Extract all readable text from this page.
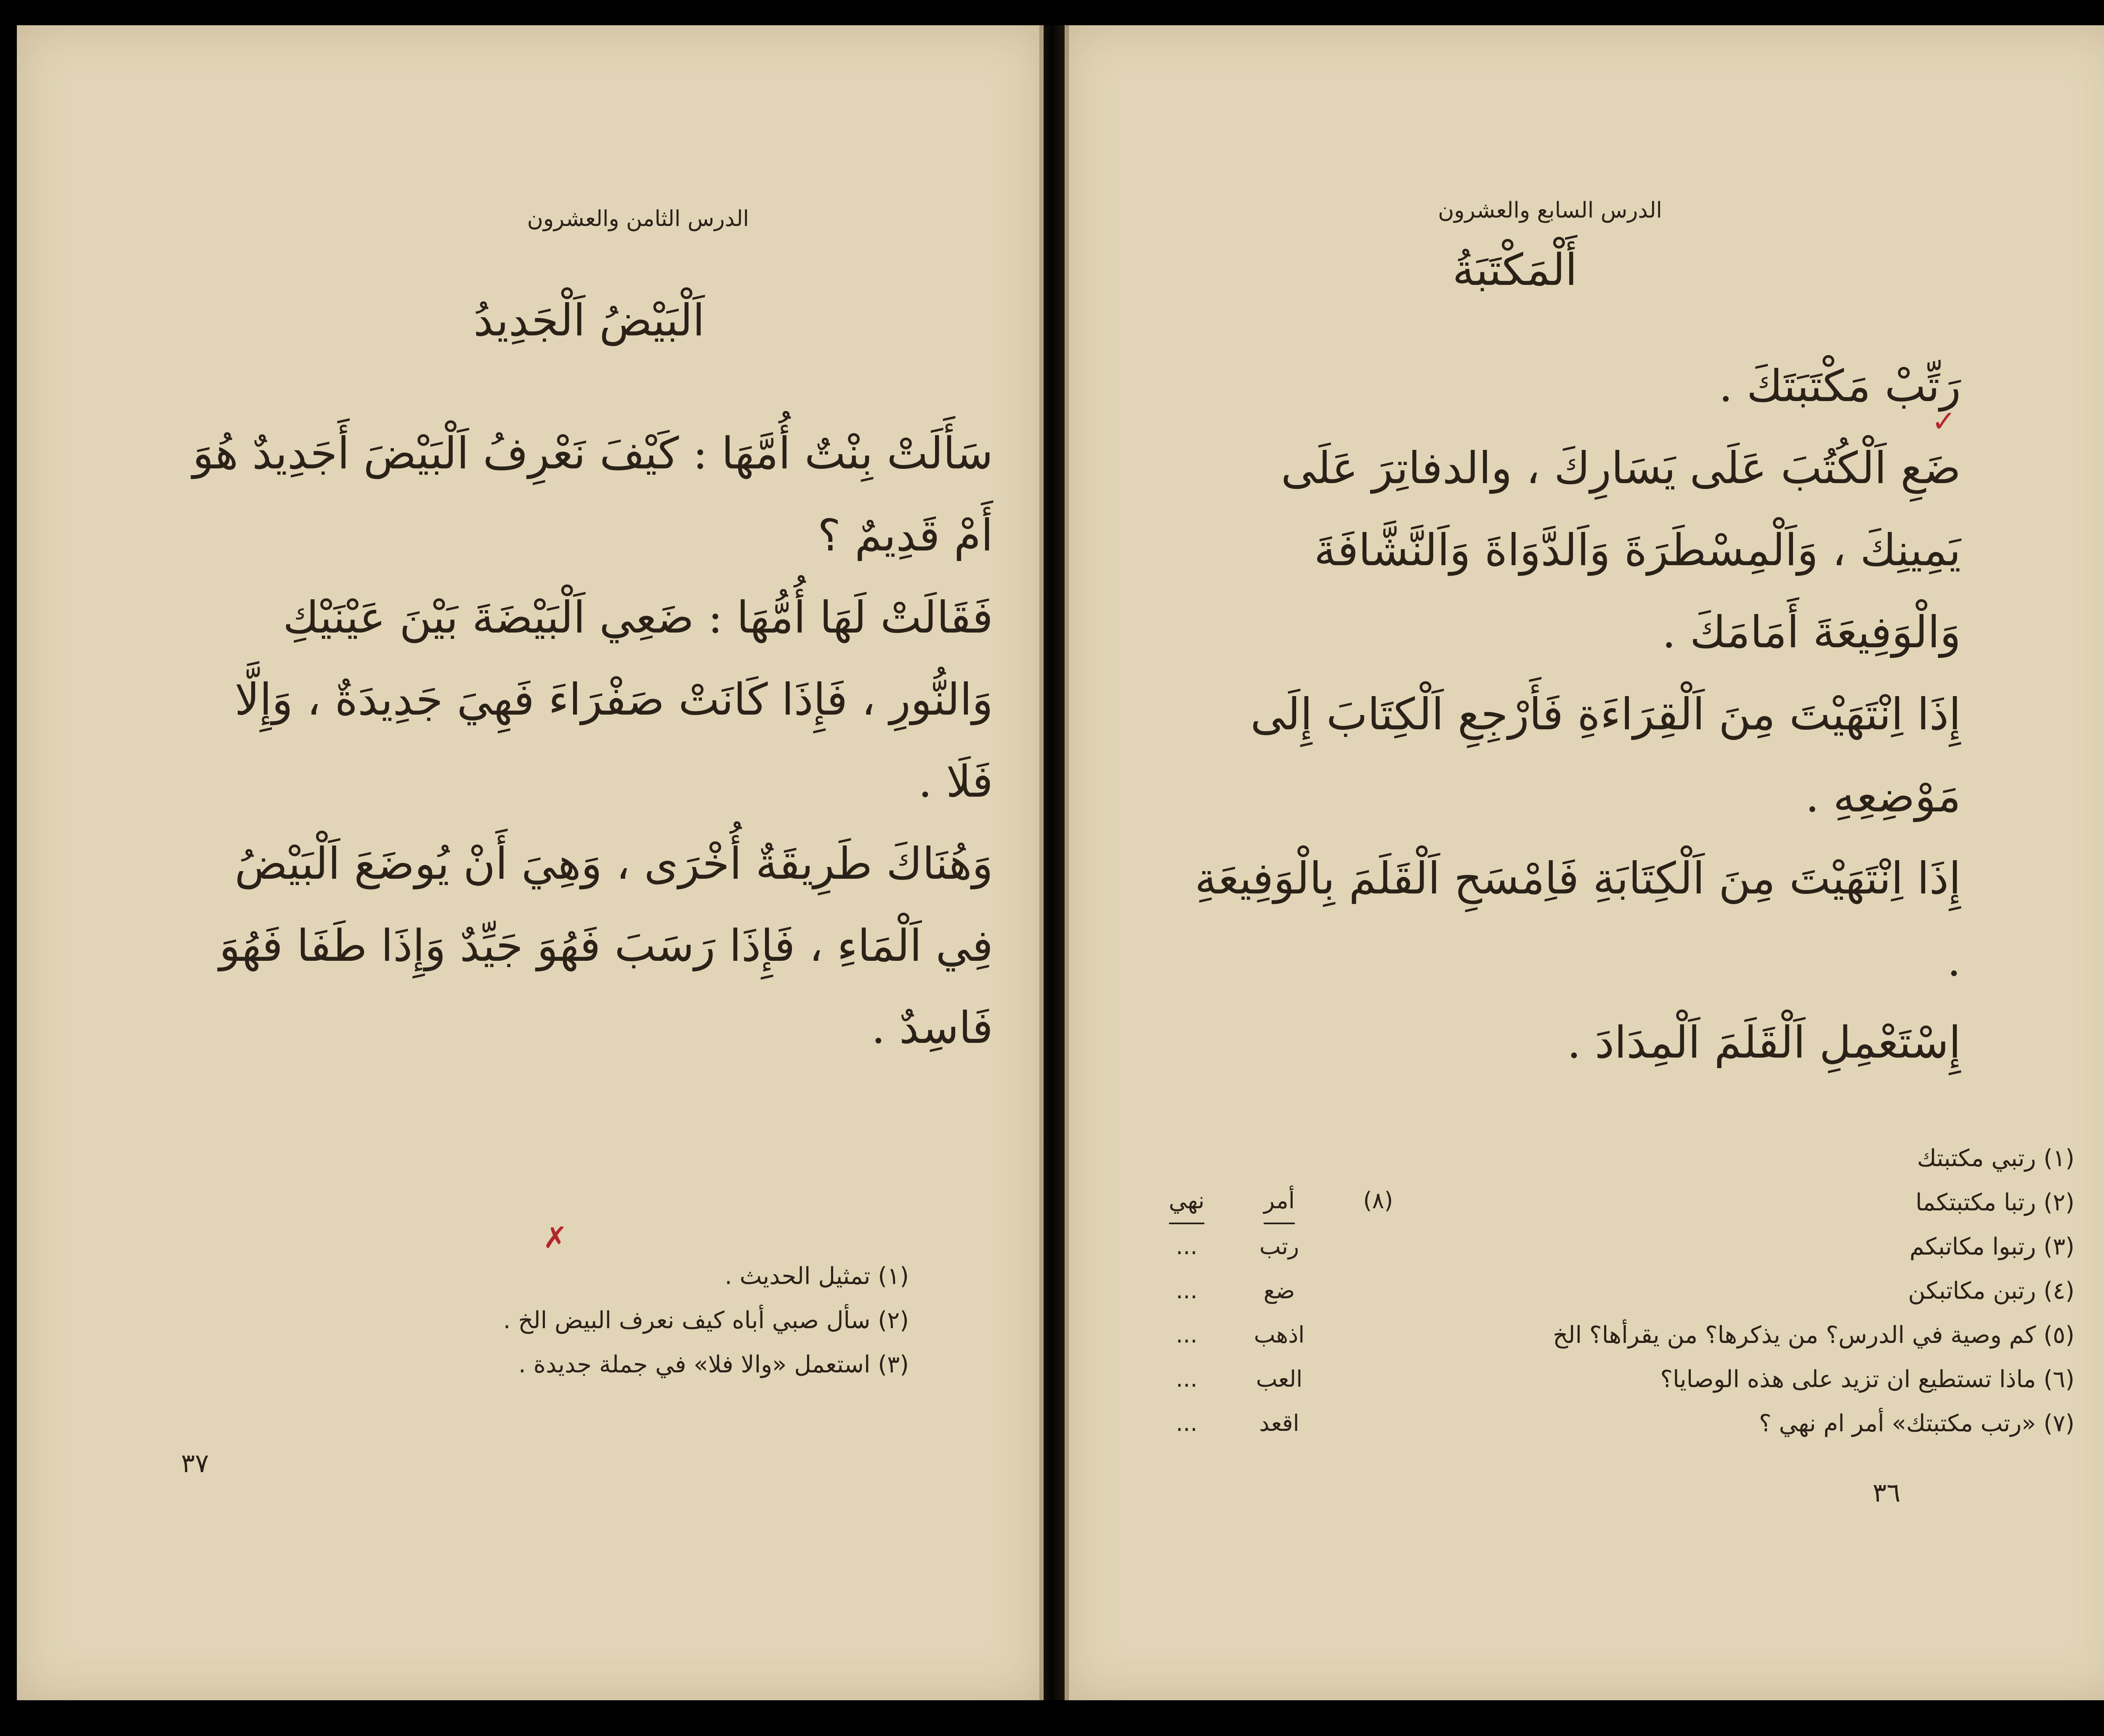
الدرس الثامن والعشرون
اَلْبَيْضُ اَلْجَدِيدُ

سَأَلَتْ بِنْتٌ أُمَّهَا : كَيْفَ نَعْرِفُ اَلْبَيْضَ أَجَدِيدٌ هُوَ أَمْ قَدِيمٌ ؟

فَقَالَتْ لَهَا أُمُّهَا : ضَعِي اَلْبَيْضَةَ بَيْنَ عَيْنَيْكِ وَالنُّورِ ، فَإِذَا كَانَتْ صَفْرَاءَ فَهِيَ جَدِيدَةٌ ، وَإِلَّا فَلَا .

وَهُنَاكَ طَرِيقَةٌ أُخْرَى ، وَهِيَ أَنْ يُوضَعَ اَلْبَيْضُ فِي اَلْمَاءِ ، فَإِذَا رَسَبَ فَهُوَ جَيِّدٌ وَإِذَا طَفَا فَهُوَ فَاسِدٌ .

✗
(١) تمثيل الحديث .
(٢) سأل صبي أباه كيف نعرف البيض الخ .
(٣) استعمل «والا فلا» في جملة جديدة .
٣٧
الدرس السابع والعشرون
أَلْمَكْتَبَةُ

رَتِّبْ مَكْتَبَتَكَ .

ضَعِ اَلْكُتُبَ عَلَى يَسَارِكَ ، والدفاتِرَ عَلَى يَمِينِكَ ، وَاَلْمِسْطَرَةَ وَاَلدَّوَاةَ وَاَلنَّشَّافَةَ وَالْوَفِيعَةَ أَمَامَكَ .

إِذَا اِنْتَهَيْتَ مِنَ اَلْقِرَاءَةِ فَأَرْجِعِ اَلْكِتَابَ إِلَى مَوْضِعِهِ .

إِذَا اِنْتَهَيْتَ مِنَ اَلْكِتَابَةِ فَاِمْسَحِ اَلْقَلَمَ بِالْوَفِيعَةِ .

إِسْتَعْمِلِ اَلْقَلَمَ اَلْمِدَادَ .

✓
(١) رتبي مكتبتك
(٢) رتبا مكتبتكما
(٣) رتبوا مكاتبكم
(٤) رتبن مكاتبكن
(٥) كم وصية في الدرس؟ من يذكرها؟ من يقرأها؟ الخ
(٦) ماذا تستطيع ان تزيد على هذه الوصايا؟
(٧) «رتب مكتبتك» أمر ام نهي ؟
(٨)
أمر
رتب
ضع
اذهب
العب
اقعد
نهي
...
...
...
...
...
٣٦
